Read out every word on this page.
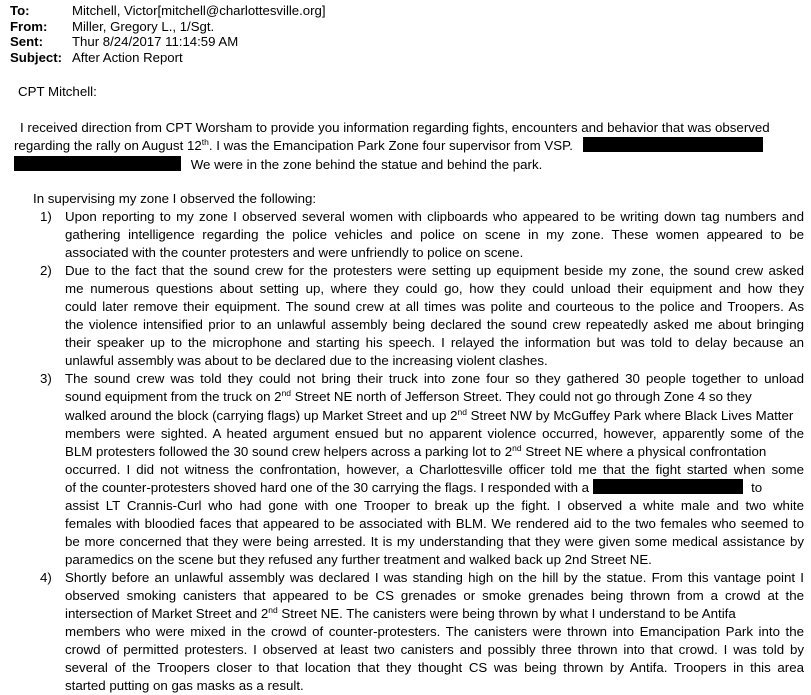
To:	Mitchell, Victor[mitchell@charlottesville.org]
From:	Miller, Gregory L., 1/Sgt.
Sent:	Thur 8/24/2017 11:14:59 AM
Subject: After Action Report
CPT Mitchell:
I received direction from CPT Worsham to provide you information regarding fights, encounters and behavior that was observed
regarding the rally on August 12th. I was the Emancipation Park Zone four supervisor from VSP.
We were in the zone behind the statue and behind the park.
In supervising my zone I observed the following:
1) Upon reporting to my zone I observed several women with clipboards who appeared to be writing down tag numbers and
gathering intelligence regarding the police vehicles and police on scene in my zone. These women appeared to be
associated with the counter protesters and were unfriendly to police on scene.
2) Due to the fact that the sound crew for the protesters were setting up equipment beside my zone, the sound crew asked
me numerous questions about setting up, where they could go, how they could unload their equipment and how they
could later remove their equipment. The sound crew at all times was polite and courteous to the police and Troopers. As
the violence intensified prior to an unlawful assembly being declared the sound crew repeatedly asked me about bringing
their speaker up to the microphone and starting his speech. I relayed the information but was told to delay because an
unlawful assembly was about to be declared due to the increasing violent clashes.
3) The sound crew was told they could not bring their truck into zone four so they gathered 30 people together to unload
sound equipment from the truck on 2nd Street NE north of Jefferson Street. They could not go through Zone 4 so they
walked around the block (carrying flags) up Market Street and up 2nd Street NW by McGuffey Park where Black Lives Matter
members were sighted. A heated argument ensued but no apparent violence occurred, however, apparently some of the
BLM protesters followed the 30 sound crew helpers across a parking lot to 2nd Street NE where a physical confrontation
occurred. I did not witness the confrontation, however, a Charlottesville officer told me that the fight started when some
of the counter-protesters shoved hard one of the 30 carrying the flags. I responded with a	to
assist LT Crannis-Curl who had gone with one Trooper to break up the fight. I observed a white male and two white
females with bloodied faces that appeared to be associated with BLM. We rendered aid to the two females who seemed to
be more concerned that they were being arrested. It is my understanding that they were given some medical assistance by
paramedics on the scene but they refused any further treatment and walked back up 2nd Street NE.
4) Shortly before an unlawful assembly was declared I was standing high on the hill by the statue. From this vantage point I
observed smoking canisters that appeared to be CS grenades or smoke grenades being thrown from a crowd at the
intersection of Market Street and 2nd Street NE. The canisters were being thrown by what I understand to be Antifa
members who were mixed in the crowd of counter-protesters. The canisters were thrown into Emancipation Park into the
crowd of permitted protesters. I observed at least two canisters and possibly three thrown into that crowd. I was told by
several of the Troopers closer to that location that they thought CS was being thrown by Antifa. Troopers in this area
started putting on gas masks as a result.
